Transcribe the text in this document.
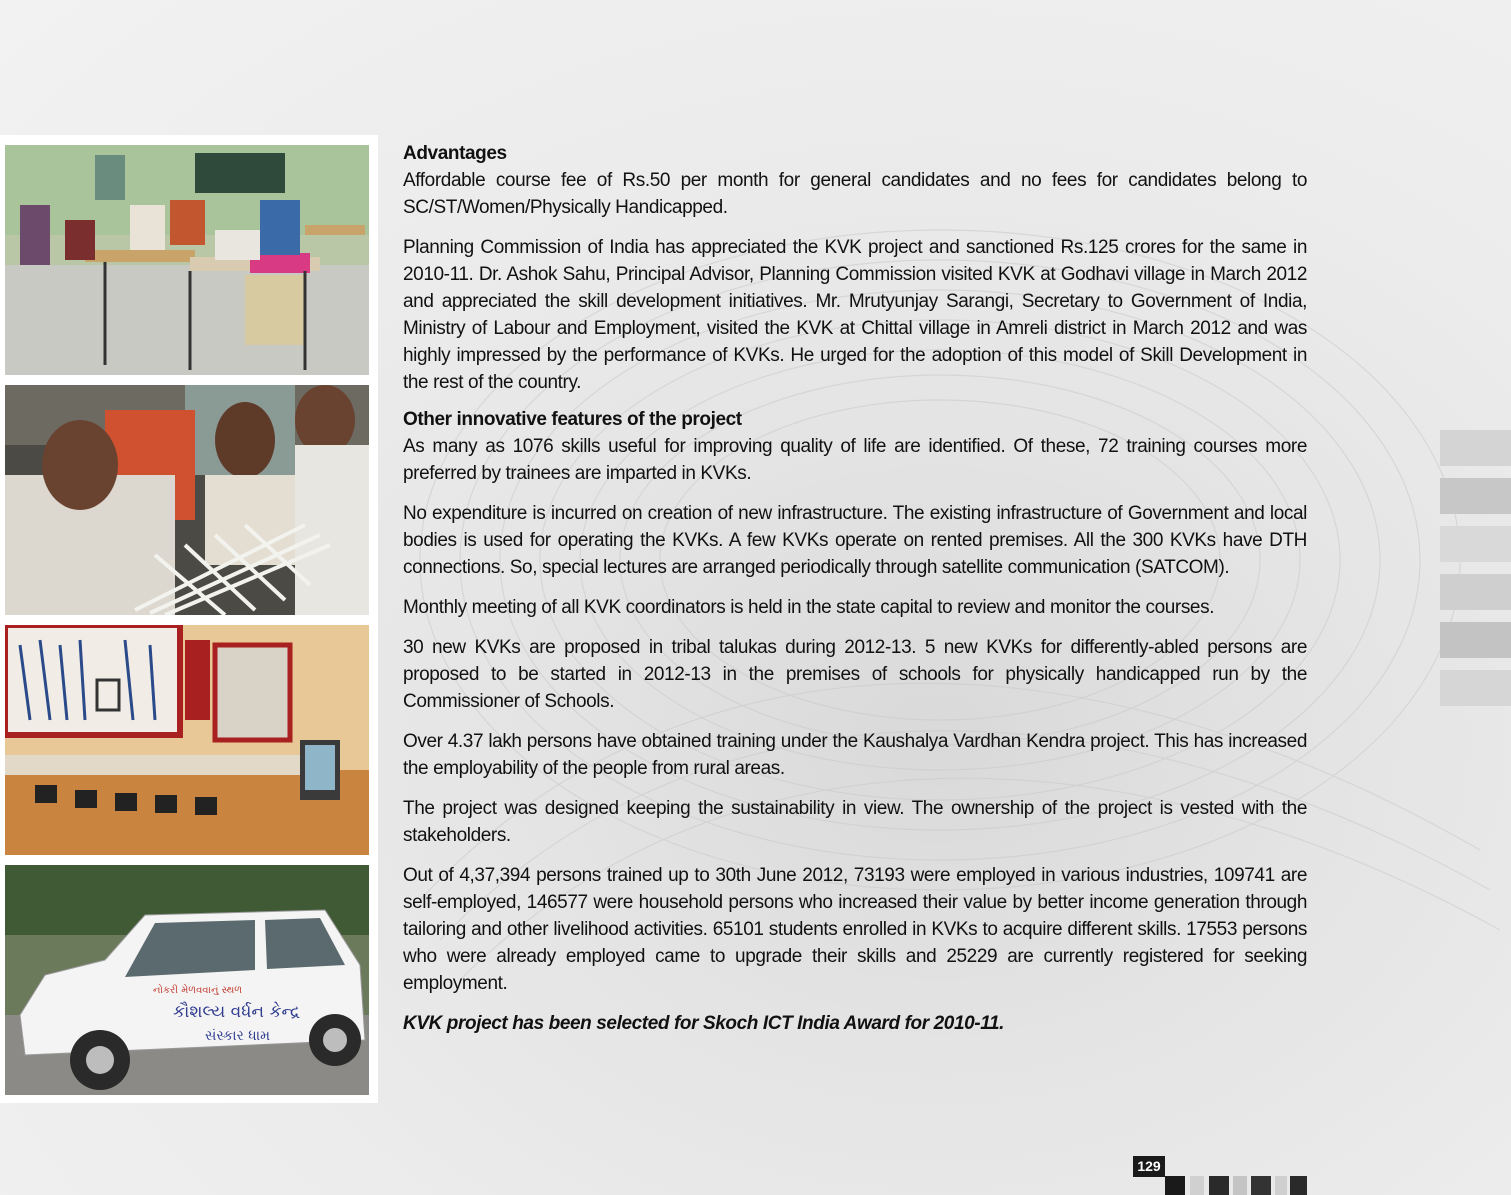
નોકરી મેળવવાનું સ્થળ
કૌશલ્ય વર્ધન કેન્દ્ર
સંસ્કાર ધામ

Advantages

Affordable course fee of Rs.50 per month for general candidates and no fees for candidates belong to SC/ST/Women/Physically Handicapped.

Planning Commission of India has appreciated the KVK project and sanctioned Rs.125 crores for the same in 2010-11. Dr. Ashok Sahu, Principal Advisor, Planning Commission visited KVK at Godhavi village in March 2012 and appreciated the skill development initiatives. Mr. Mrutyunjay Sarangi, Secretary to Government of India, Ministry of Labour and Employment, visited the KVK at Chittal village in Amreli district in March 2012 and was highly impressed by the performance of KVKs. He urged for the adoption of this model of Skill Development in the rest of the country.

Other innovative features of the project

As many as 1076 skills useful for improving quality of life are identified. Of these, 72 training courses more preferred by trainees are imparted in KVKs.

No expenditure is incurred on creation of new infrastructure. The existing infrastructure of Government and local bodies is used for operating the KVKs. A few KVKs operate on rented premises. All the 300 KVKs have DTH connections. So, special lectures are arranged periodically through satellite communication (SATCOM).

Monthly meeting of all KVK coordinators is held in the state capital to review and monitor the courses.

30 new KVKs are proposed in tribal talukas during 2012-13. 5 new KVKs for differently-abled persons are proposed to be started in 2012-13 in the premises of schools for physically handicapped run by the Commissioner of Schools.

Over 4.37 lakh persons have obtained training under the Kaushalya Vardhan Kendra project. This has increased the employability of the people from rural areas.

The project was designed keeping the sustainability in view. The ownership of the project is vested with the stakeholders.

Out of 4,37,394 persons trained up to 30th June 2012, 73193 were employed in various industries, 109741 are self-employed, 146577 were household persons who increased their value by better income generation through tailoring and other livelihood activities. 65101 students enrolled in KVKs to acquire different skills. 17553 persons who were already employed came to upgrade their skills and 25229 are currently registered for seeking employment.

KVK project has been selected for Skoch ICT India Award for 2010-11.

129
